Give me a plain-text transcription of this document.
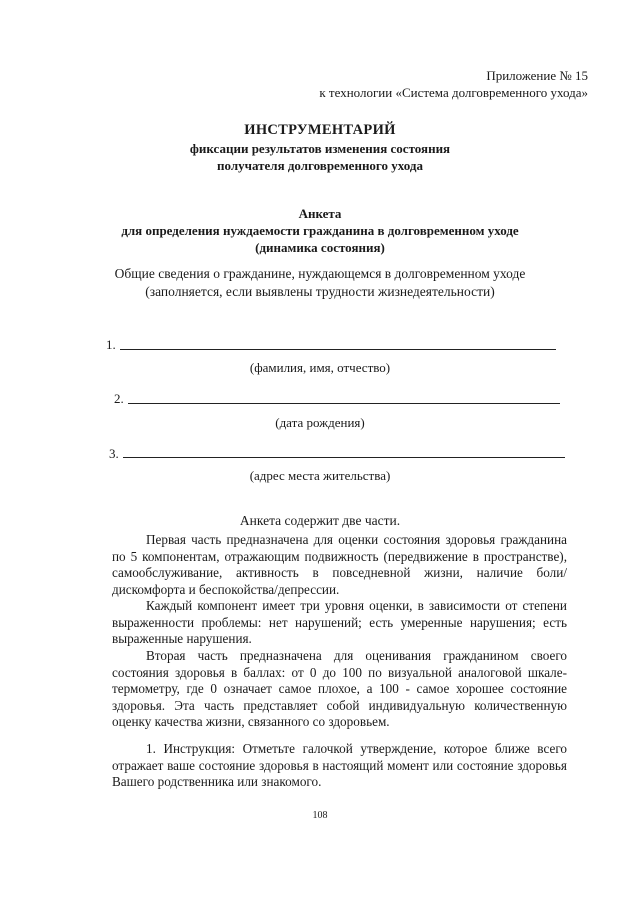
Приложение № 15
к технологии «Система долговременного ухода»
ИНСТРУМЕНТАРИЙ
фиксации результатов изменения состояния
получателя долговременного ухода
Анкета
для определения нуждаемости гражданина в долговременном уходе
(динамика состояния)
Общие сведения о гражданине, нуждающемся в долговременном уходе
(заполняется, если выявлены трудности жизнедеятельности)
1.
(фамилия, имя, отчество)
2.
(дата рождения)
3.
(адрес места жительства)
Анкета содержит две части.
Первая часть предназначена для оценки состояния здоровья гражданина по 5 компонентам, отражающим подвижность (передвижение в пространстве), самообслуживание, активность в повседневной жизни, наличие боли/дискомфорта и беспокойства/депрессии.
Каждый компонент имеет три уровня оценки, в зависимости от степени выраженности проблемы: нет нарушений; есть умеренные нарушения; есть выраженные нарушения.
Вторая часть предназначена для оценивания гражданином своего состояния здоровья в баллах: от 0 до 100 по визуальной аналоговой шкале-термометру, где 0 означает самое плохое, а 100 - самое хорошее состояние здоровья. Эта часть представляет собой индивидуальную количественную оценку качества жизни, связанного со здоровьем.
1. Инструкция: Отметьте галочкой утверждение, которое ближе всего отражает ваше состояние здоровья в настоящий момент или состояние здоровья Вашего родственника или знакомого.
108
